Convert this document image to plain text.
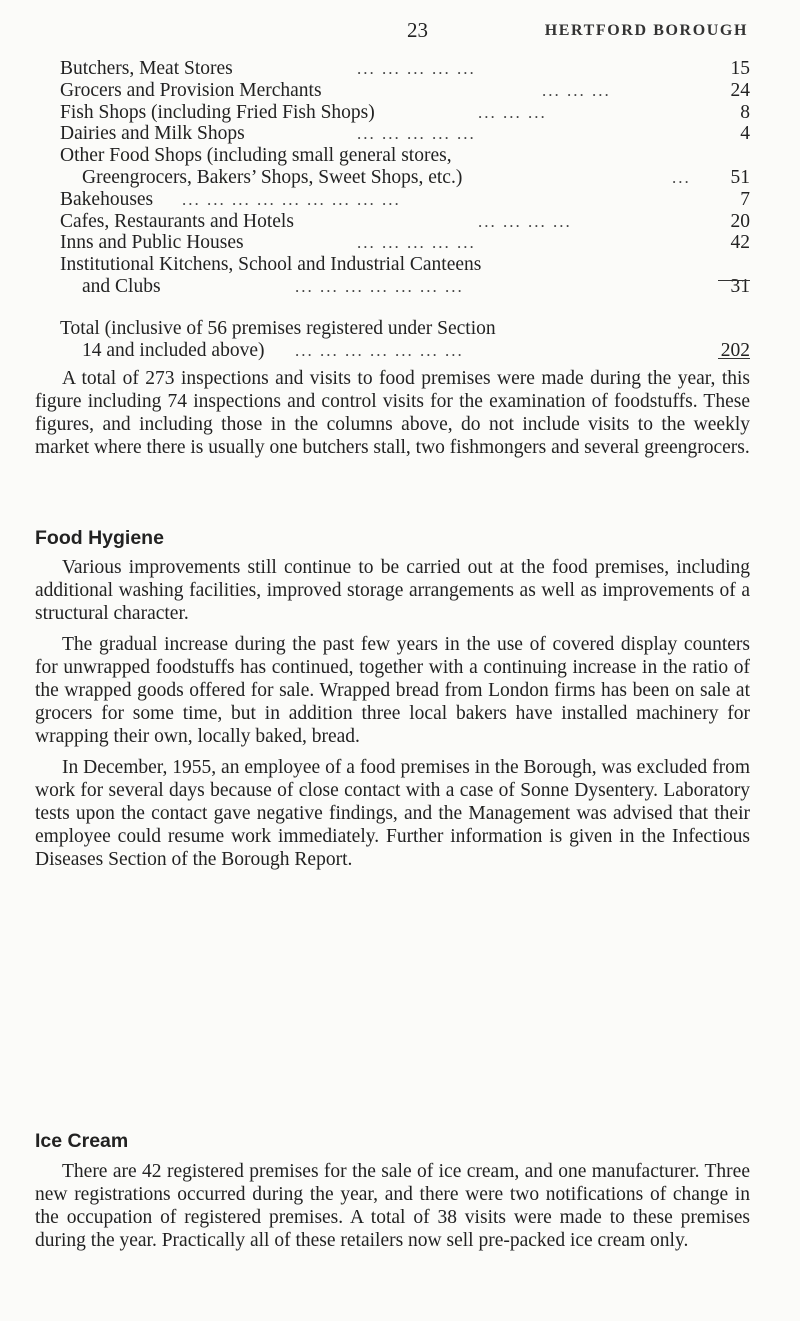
23	HERTFORD BOROUGH
Butchers, Meat Stores	... ... ... ... ...	15
Grocers and Provision Merchants	... ... ...	24
Fish Shops (including Fried Fish Shops)	... ... ...	8
Dairies and Milk Shops	... ... ... ... ...	4
Other Food Shops (including small general stores,
Greengrocers, Bakers’ Shops, Sweet Shops, etc.)	... 51
Bakehouses ... ... ... ... ... ... ... ... ...	7
Cafes, Restaurants and Hotels	... ... ... ...	20
Inns and Public Houses	... ... ... ... ...	42
Institutional Kitchens, School and Industrial Canteens
and Clubs	... ... ... ... ... ... ...	31
Total (inclusive of 56 premises registered under Section
14 and included above) ... ... ... ... ... ... ...	202

A total of 273 inspections and visits to food premises were made during the year, this figure including 74 inspections and control visits for the examination of foodstuffs. These figures, and including those in the columns above, do not include visits to the weekly market where there is usually one butchers stall, two fishmongers and several greengrocers.

Food Hygiene

Various improvements still continue to be carried out at the food premises, including additional washing facilities, improved storage arrangements as well as improvements of a structural character.

The gradual increase during the past few years in the use of covered display counters for unwrapped foodstuffs has continued, together with a continuing increase in the ratio of the wrapped goods offered for sale. Wrapped bread from London firms has been on sale at grocers for some time, but in addition three local bakers have installed machinery for wrapping their own, locally baked, bread.

In December, 1955, an employee of a food premises in the Borough, was excluded from work for several days because of close contact with a case of Sonne Dysentery. Laboratory tests upon the contact gave negative findings, and the Management was advised that their employee could resume work immediately. Further information is given in the Infectious Diseases Section of the Borough Report.

Ice Cream

There are 42 registered premises for the sale of ice cream, and one manufacturer. Three new registrations occurred during the year, and there were two notifications of change in the occupation of registered premises. A total of 38 visits were made to these premises during the year. Practically all of these retailers now sell pre-packed ice cream only.
